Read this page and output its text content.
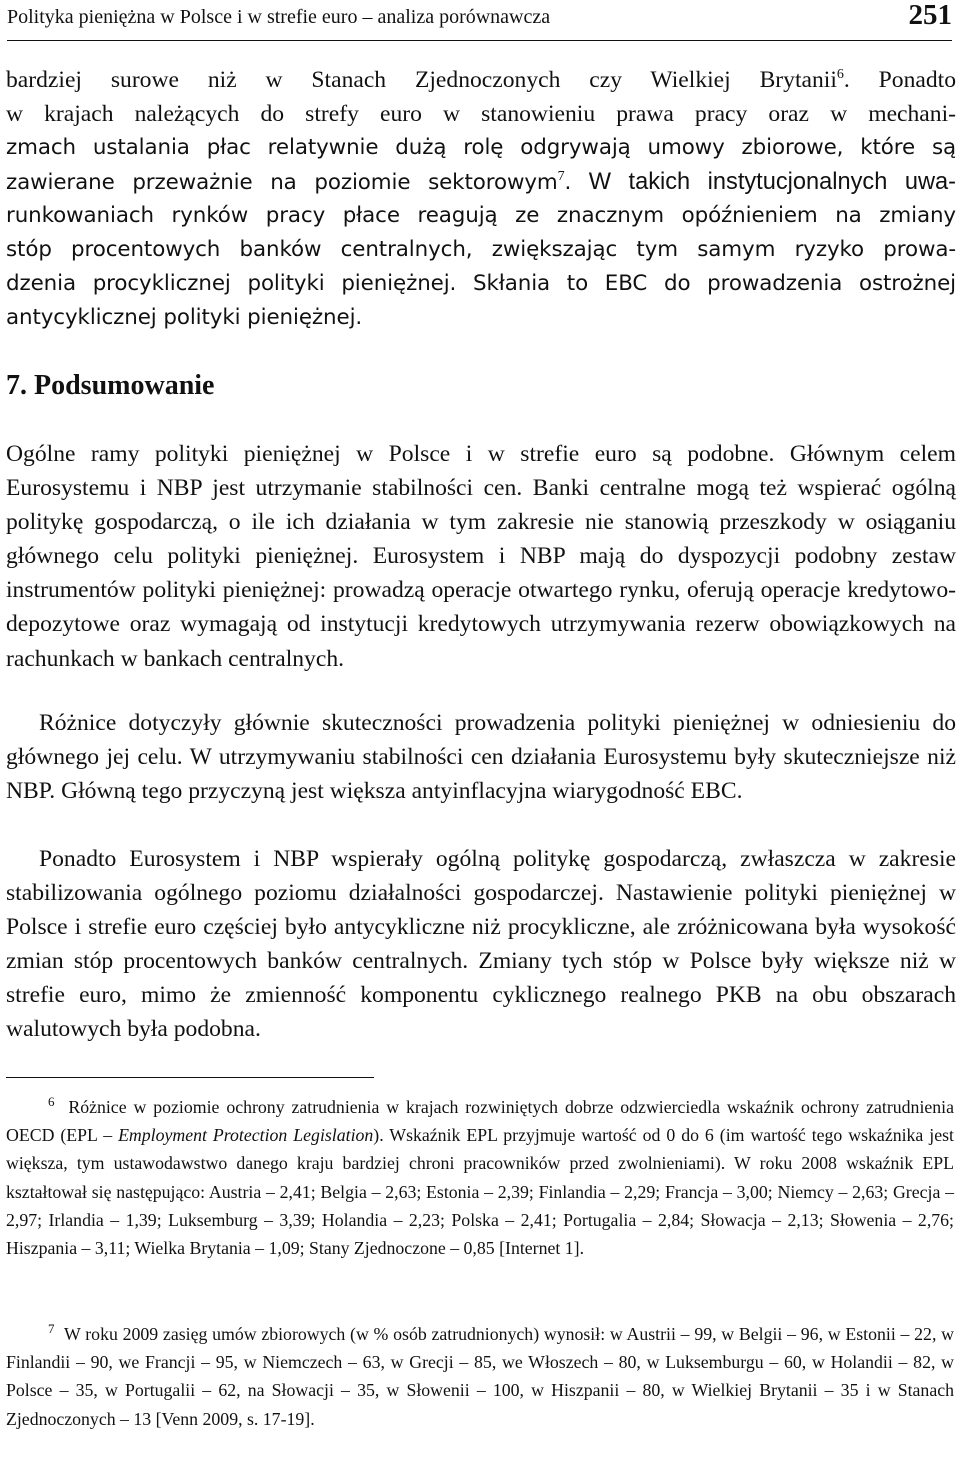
Polityka pieniężna w Polsce i w strefie euro – analiza porównawcza	251

bardziej surowe niż w Stanach Zjednoczonych czy Wielkiej Brytanii$^6$. Ponadto

w krajach należących do strefy euro w stanowieniu prawa pracy oraz w mechani-

zmach ustalania płac relatywnie dużą rolę odgrywają umowy zbiorowe, które są

zawierane przeważnie na poziomie sektorowym$^7$. W takich instytucjonalnych uwa-

runkowaniach rynków pracy płace reagują ze znacznym opóźnieniem na zmiany

stóp procentowych banków centralnych, zwiększając tym samym ryzyko prowa-

dzenia procyklicznej polityki pieniężnej. Skłania to EBC do prowadzenia ostrożnej

antycyklicznej polityki pieniężnej.

7. Podsumowanie

Ogólne ramy polityki pieniężnej w Polsce i w strefie euro są podobne. Głównym celem Eurosystemu i NBP jest utrzymanie stabilności cen. Banki centralne mogą też wspierać ogólną politykę gospodarczą, o ile ich działania w tym zakresie nie stanowią przeszkody w osiąganiu głównego celu polityki pieniężnej. Eurosystem i NBP mają do dyspozycji podobny zestaw instrumentów polityki pieniężnej: prowadzą operacje otwartego rynku, oferują operacje kredytowo-depozytowe oraz wymagają od instytucji kredytowych utrzymywania rezerw obowiązkowych na rachunkach w bankach centralnych.

Różnice dotyczyły głównie skuteczności prowadzenia polityki pieniężnej w odniesieniu do głównego jej celu. W utrzymywaniu stabilności cen działania Eurosystemu były skuteczniejsze niż NBP. Główną tego przyczyną jest większa antyinflacyjna wiarygodność EBC.

Ponadto Eurosystem i NBP wspierały ogólną politykę gospodarczą, zwłaszcza w zakresie stabilizowania ogólnego poziomu działalności gospodarczej. Nastawienie polityki pieniężnej w Polsce i strefie euro częściej było antycykliczne niż procykliczne, ale zróżnicowana była wysokość zmian stóp procentowych banków centralnych. Zmiany tych stóp w Polsce były większe niż w strefie euro, mimo że zmienność komponentu cyklicznego realnego PKB na obu obszarach walutowych była podobna.

$^6$ Różnice w poziomie ochrony zatrudnienia w krajach rozwiniętych dobrze odzwierciedla wskaźnik ochrony zatrudnienia OECD (EPL – Employment Protection Legislation). Wskaźnik EPL przyjmuje wartość od 0 do 6 (im wartość tego wskaźnika jest większa, tym ustawodawstwo danego kraju bardziej chroni pracowników przed zwolnieniami). W roku 2008 wskaźnik EPL kształtował się następująco: Austria – 2,41; Belgia – 2,63; Estonia – 2,39; Finlandia – 2,29; Francja – 3,00; Niemcy – 2,63; Grecja – 2,97; Irlandia – 1,39; Luksemburg – 3,39; Holandia – 2,23; Polska – 2,41; Portugalia – 2,84; Słowacja – 2,13; Słowenia – 2,76; Hiszpania – 3,11; Wielka Brytania – 1,09; Stany Zjednoczone – 0,85 [Internet 1].

$^7$ W roku 2009 zasięg umów zbiorowych (w % osób zatrudnionych) wynosił: w Austrii – 99, w Belgii – 96, w Estonii – 22, w Finlandii – 90, we Francji – 95, w Niemczech – 63, w Grecji – 85, we Włoszech – 80, w Luksemburgu – 60, w Holandii – 82, w Polsce – 35, w Portugalii – 62, na Słowacji – 35, w Słowenii – 100, w Hiszpanii – 80, w Wielkiej Brytanii – 35 i w Stanach Zjednoczonych – 13 [Venn 2009, s. 17-19].
